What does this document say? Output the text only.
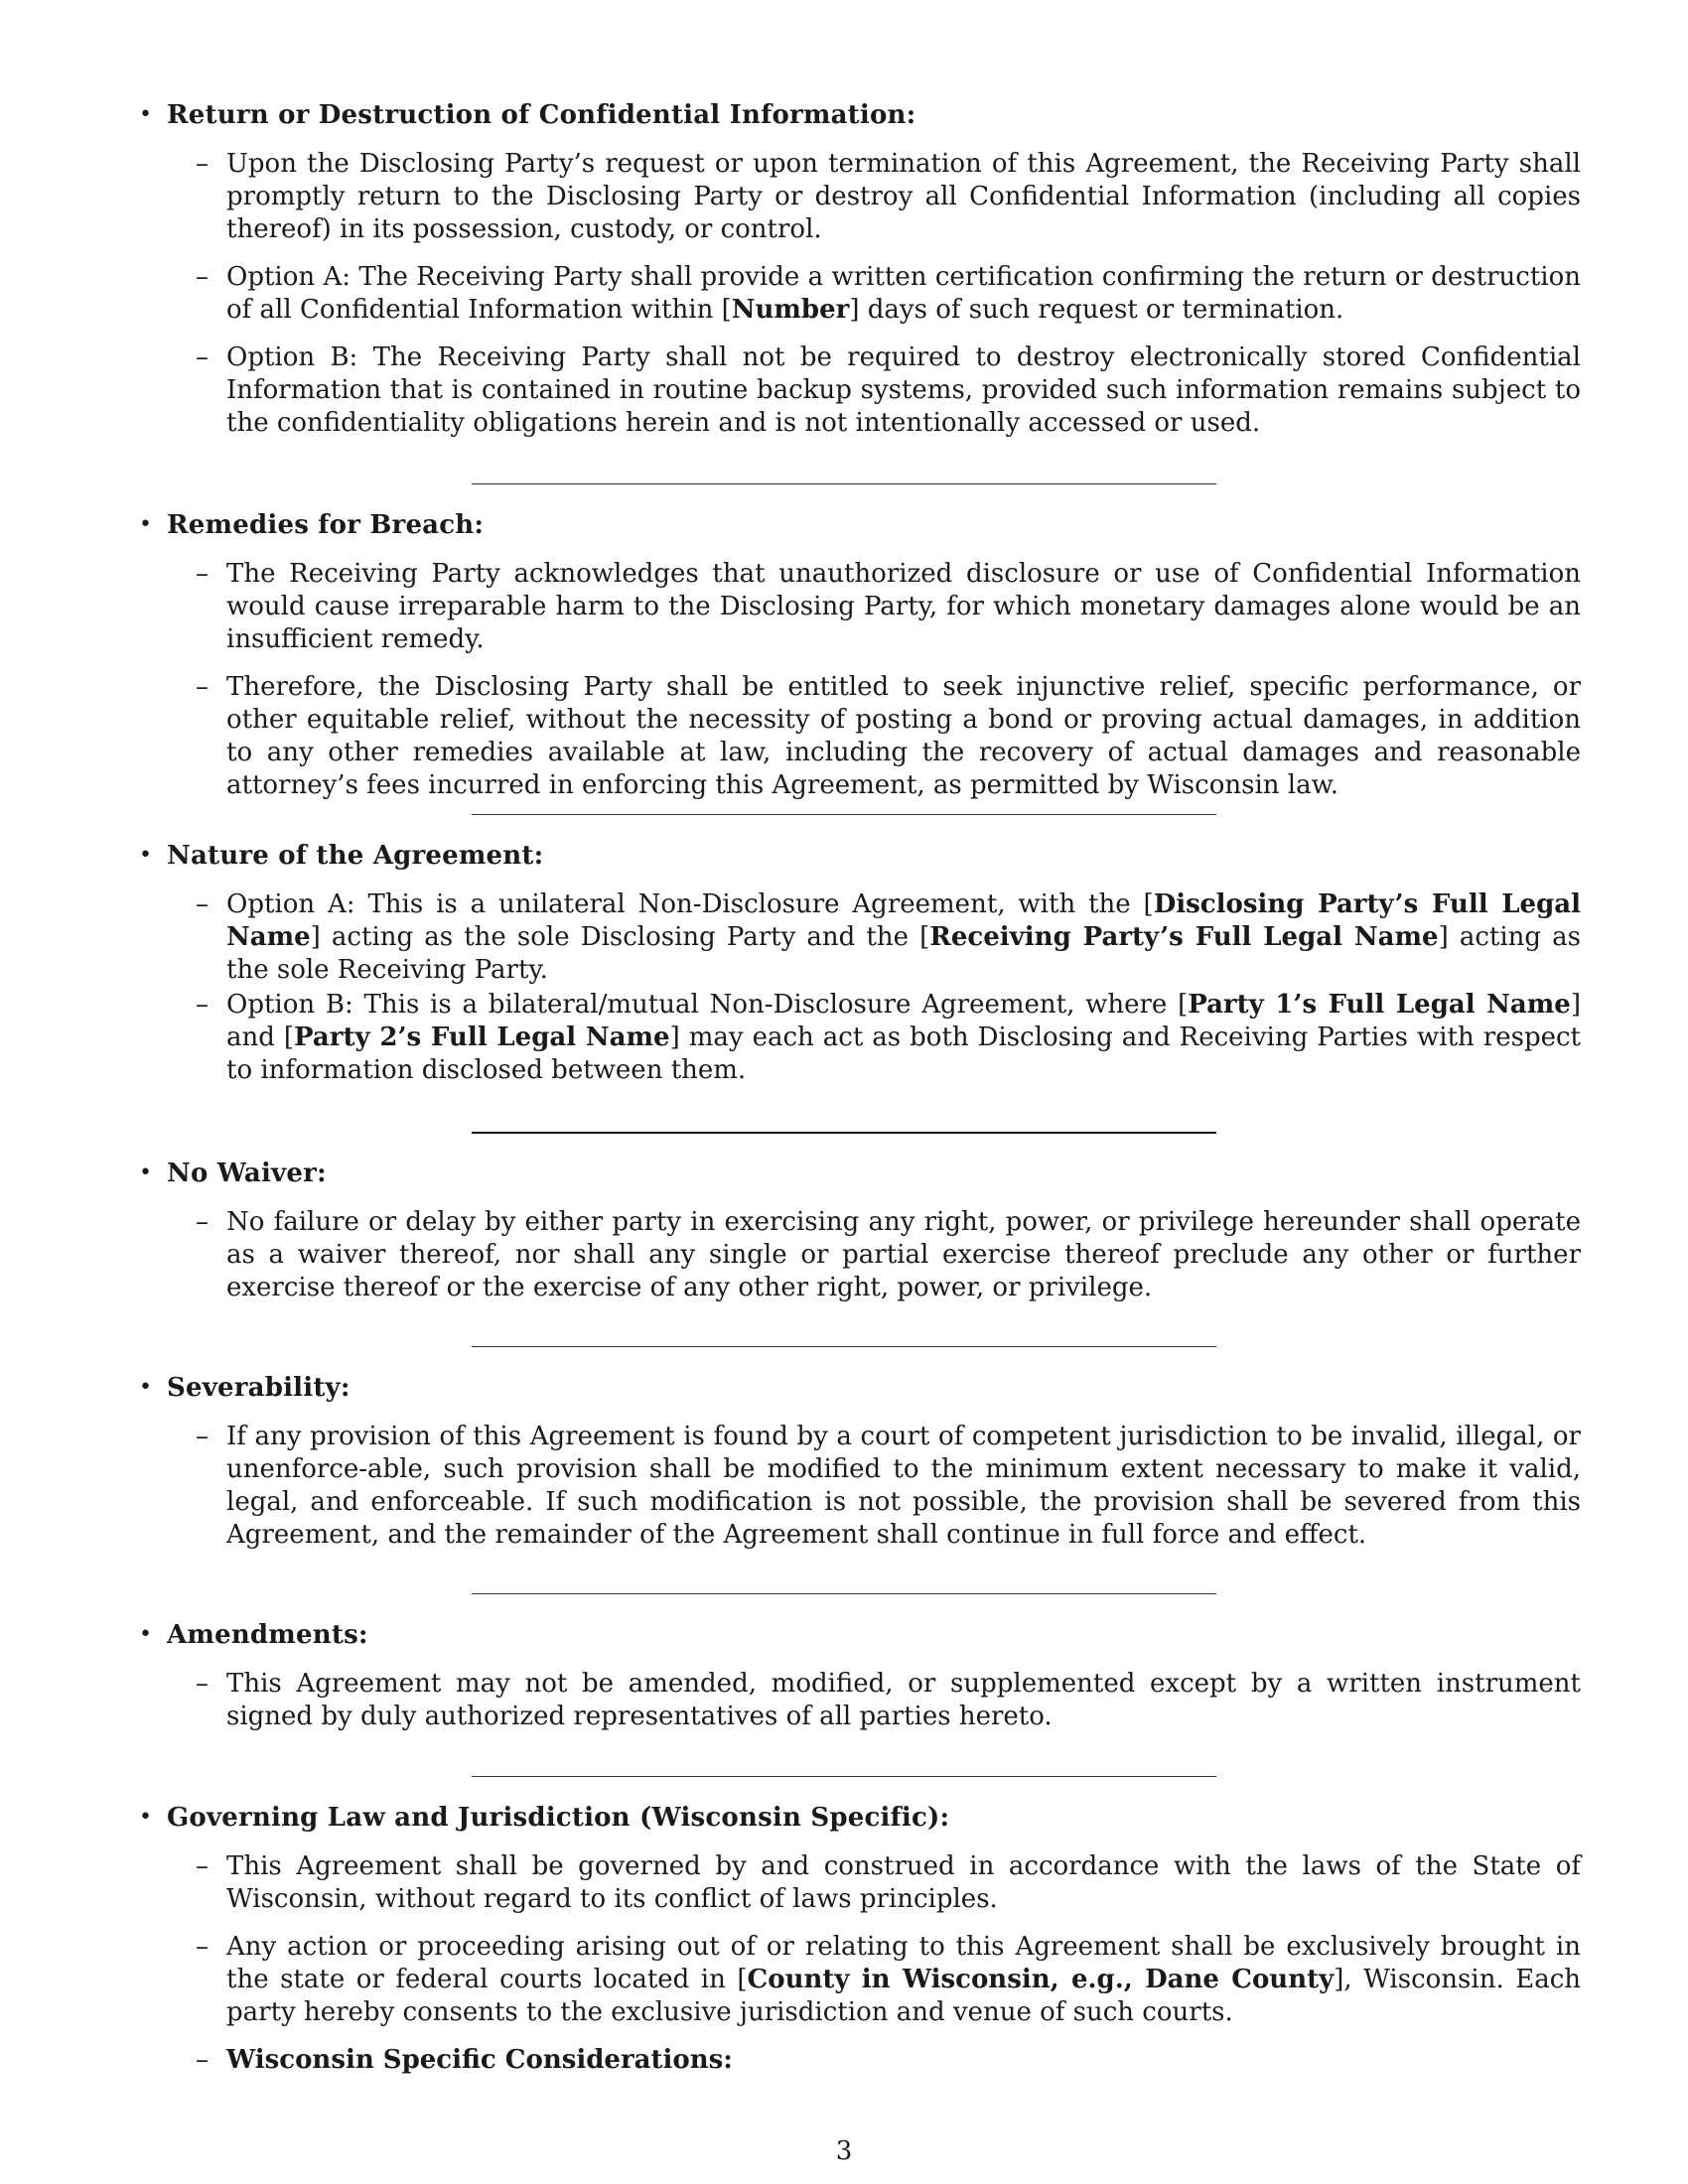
• Return or Destruction of Confidential Information:
– Upon the Disclosing Party’s request or upon termination of this Agreement, the Receiving Party shall promptly return to the Disclosing Party or destroy all Confidential Information (including all copies thereof) in its possession, custody, or control.
– Option A: The Receiving Party shall provide a written certification confirming the return or destruction of all Confidential Information within [Number] days of such request or termination.
– Option B: The Receiving Party shall not be required to destroy electronically stored Confidential Information that is contained in routine backup systems, provided such information remains subject to the confidentiality obligations herein and is not intentionally accessed or used.
• Remedies for Breach:
– The Receiving Party acknowledges that unauthorized disclosure or use of Confidential Information would cause irreparable harm to the Disclosing Party, for which monetary damages alone would be an insufficient remedy.
– Therefore, the Disclosing Party shall be entitled to seek injunctive relief, specific performance, or other equitable relief, without the necessity of posting a bond or proving actual damages, in addition to any other remedies available at law, including the recovery of actual damages and reasonable attorney’s fees incurred in enforcing this Agreement, as permitted by Wisconsin law.
• Nature of the Agreement:
– Option A: This is a unilateral Non-Disclosure Agreement, with the [Disclosing Party’s Full Legal Name] acting as the sole Disclosing Party and the [Receiving Party’s Full Legal Name] acting as the sole Receiving Party.
– Option B: This is a bilateral/mutual Non-Disclosure Agreement, where [Party 1’s Full Legal Name] and [Party 2’s Full Legal Name] may each act as both Disclosing and Receiving Parties with respect to information disclosed between them.
• No Waiver:
– No failure or delay by either party in exercising any right, power, or privilege hereunder shall operate as a waiver thereof, nor shall any single or partial exercise thereof preclude any other or further exercise thereof or the exercise of any other right, power, or privilege.
• Severability:
– If any provision of this Agreement is found by a court of competent jurisdiction to be invalid, illegal, or unenforce-able, such provision shall be modified to the minimum extent necessary to make it valid, legal, and enforceable. If such modification is not possible, the provision shall be severed from this Agreement, and the remainder of the Agreement shall continue in full force and effect.
• Amendments:
– This Agreement may not be amended, modified, or supplemented except by a written instrument signed by duly authorized representatives of all parties hereto.
• Governing Law and Jurisdiction (Wisconsin Specific):
– This Agreement shall be governed by and construed in accordance with the laws of the State of Wisconsin, without regard to its conflict of laws principles.
– Any action or proceeding arising out of or relating to this Agreement shall be exclusively brought in the state or federal courts located in [County in Wisconsin, e.g., Dane County], Wisconsin. Each party hereby consents to the exclusive jurisdiction and venue of such courts.
– Wisconsin Specific Considerations:
3
